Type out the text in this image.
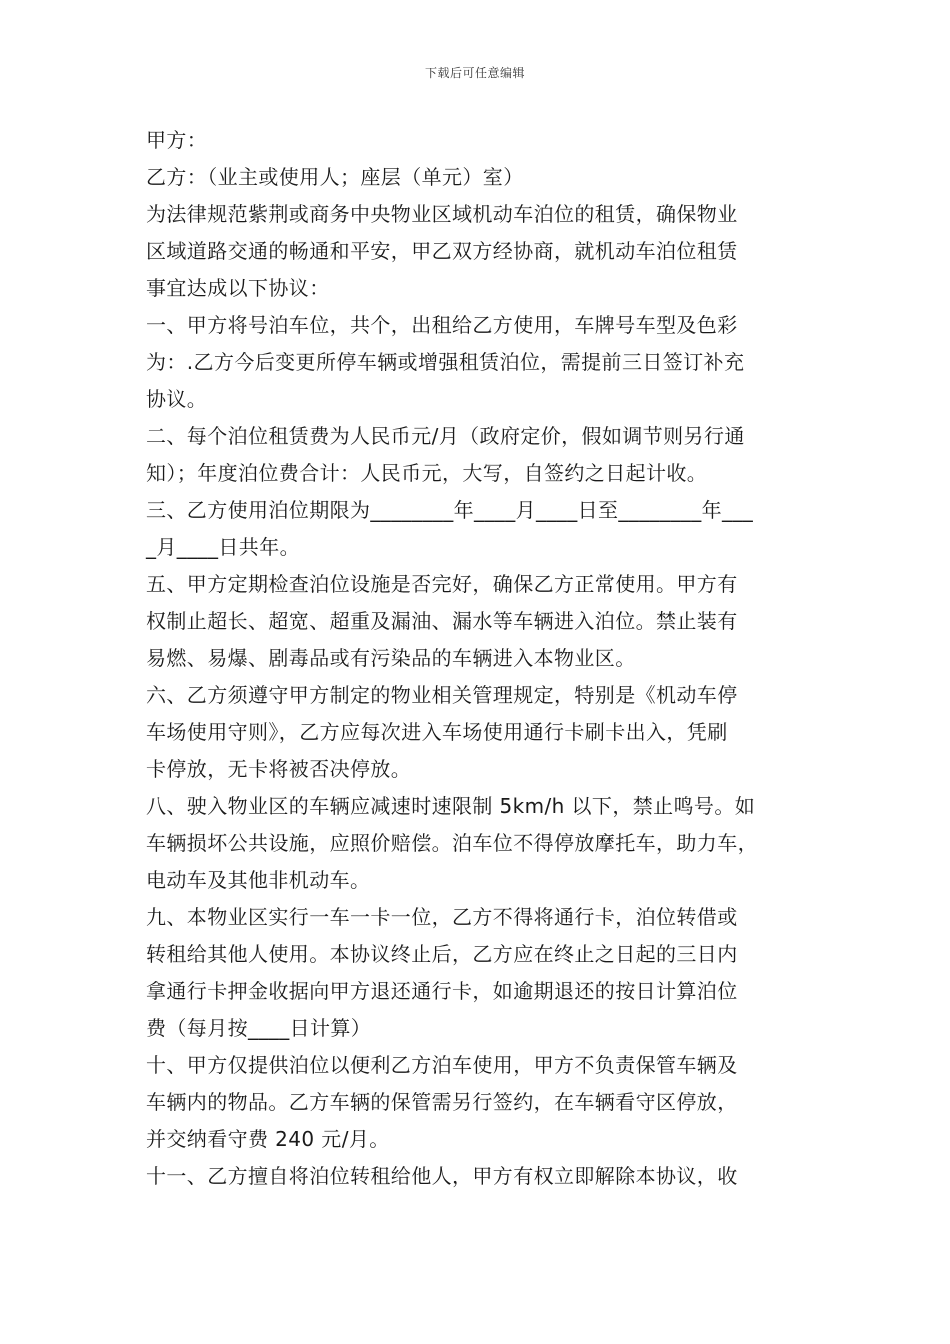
下载后可任意编辑
甲方：
乙方：（业主或使用人；座层（单元）室）
为法律规范紫荆或商务中央物业区域机动车泊位的租赁，确保物业
区域道路交通的畅通和平安，甲乙双方经协商，就机动车泊位租赁
事宜达成以下协议：
一、甲方将号泊车位，共个，出租给乙方使用，车牌号车型及色彩
为：.乙方今后变更所停车辆或增强租赁泊位，需提前三日签订补充
协议。
二、每个泊位租赁费为人民币元/月（政府定价，假如调节则另行通
知）；年度泊位费合计：人民币元，大写，自签约之日起计收。
三、乙方使用泊位期限为________年____月____日至________年___
_月____日共年。
五、甲方定期检查泊位设施是否完好，确保乙方正常使用。甲方有
权制止超长、超宽、超重及漏油、漏水等车辆进入泊位。禁止装有
易燃、易爆、剧毒品或有污染品的车辆进入本物业区。
六、乙方须遵守甲方制定的物业相关管理规定，特别是《机动车停
车场使用守则》，乙方应每次进入车场使用通行卡刷卡出入，凭刷
卡停放，无卡将被否决停放。
八、驶入物业区的车辆应减速时速限制 5km/h 以下，禁止鸣号。如
车辆损坏公共设施，应照价赔偿。泊车位不得停放摩托车，助力车，
电动车及其他非机动车。
九、本物业区实行一车一卡一位，乙方不得将通行卡，泊位转借或
转租给其他人使用。本协议终止后，乙方应在终止之日起的三日内
拿通行卡押金收据向甲方退还通行卡，如逾期退还的按日计算泊位
费（每月按____日计算）
十、甲方仅提供泊位以便利乙方泊车使用，甲方不负责保管车辆及
车辆内的物品。乙方车辆的保管需另行签约，在车辆看守区停放，
并交纳看守费 240 元/月。
十一、乙方擅自将泊位转租给他人，甲方有权立即解除本协议，收
